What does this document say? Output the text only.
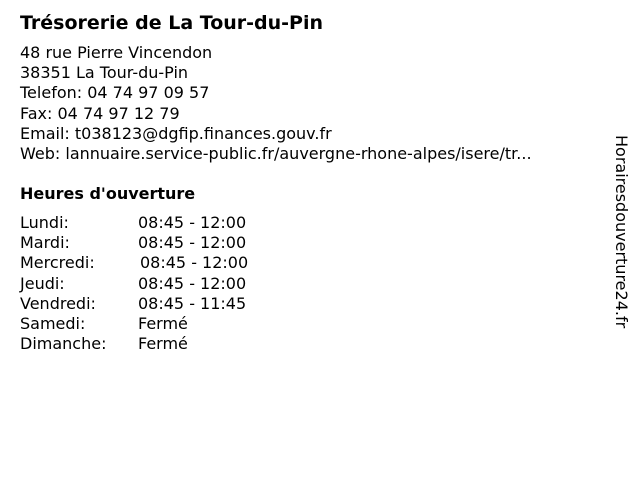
Trésorerie de La Tour-du-Pin
48 rue Pierre Vincendon
38351 La Tour-du-Pin
Telefon: 04 74 97 09 57
Fax: 04 74 97 12 79
Email: t038123@dgfip.finances.gouv.fr
Web: lannuaire.service-public.fr/auvergne-rhone-alpes/isere/tr...
Heures d'ouverture
Lundi:	08:45 - 12:00
Mardi:	08:45 - 12:00
Mercredi:	08:45 - 12:00
Jeudi:	08:45 - 12:00
Vendredi:	08:45 - 11:45
Samedi:	Fermé
Dimanche: Fermé
Horairesdouverture24.fr
